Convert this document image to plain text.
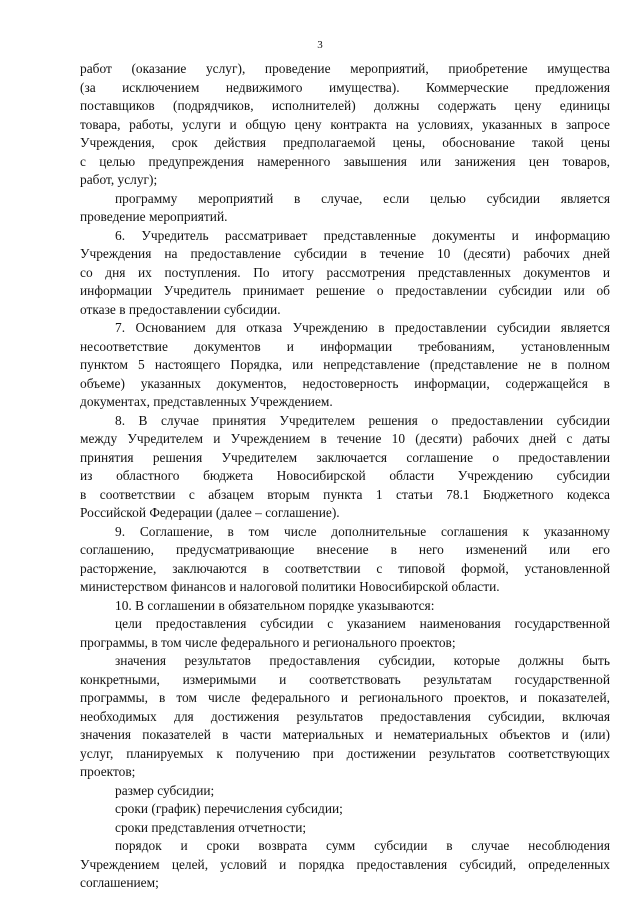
3

работ (оказание услуг), проведение мероприятий, приобретение имущества

(за исключением недвижимого имущества). Коммерческие предложения

поставщиков (подрядчиков, исполнителей) должны содержать цену единицы

товара, работы, услуги и общую цену контракта на условиях, указанных в запросе

Учреждения, срок действия предполагаемой цены, обоснование такой цены

с целью предупреждения намеренного завышения или занижения цен товаров,

работ, услуг);

программу мероприятий в случае, если целью субсидии является

проведение мероприятий.

6. Учредитель рассматривает представленные документы и информацию

Учреждения на предоставление субсидии в течение 10 (десяти) рабочих дней

со дня их поступления. По итогу рассмотрения представленных документов и

информации Учредитель принимает решение о предоставлении субсидии или об

отказе в предоставлении субсидии.

7. Основанием для отказа Учреждению в предоставлении субсидии является

несоответствие документов и информации требованиям, установленным

пунктом 5 настоящего Порядка, или непредставление (представление не в полном

объеме) указанных документов, недостоверность информации, содержащейся в

документах, представленных Учреждением.

8. В случае принятия Учредителем решения о предоставлении субсидии

между Учредителем и Учреждением в течение 10 (десяти) рабочих дней с даты

принятия решения Учредителем заключается соглашение о предоставлении

из областного бюджета Новосибирской области Учреждению субсидии

в соответствии с абзацем вторым пункта 1 статьи 78.1 Бюджетного кодекса

Российской Федерации (далее – соглашение).

9. Соглашение, в том числе дополнительные соглашения к указанному

соглашению, предусматривающие внесение в него изменений или его

расторжение, заключаются в соответствии с типовой формой, установленной

министерством финансов и налоговой политики Новосибирской области.

10. В соглашении в обязательном порядке указываются:

цели предоставления субсидии с указанием наименования государственной

программы, в том числе федерального и регионального проектов;

значения результатов предоставления субсидии, которые должны быть

конкретными, измеримыми и соответствовать результатам государственной

программы, в том числе федерального и регионального проектов, и показателей,

необходимых для достижения результатов предоставления субсидии, включая

значения показателей в части материальных и нематериальных объектов и (или)

услуг, планируемых к получению при достижении результатов соответствующих

проектов;

размер субсидии;

сроки (график) перечисления субсидии;

сроки представления отчетности;

порядок и сроки возврата сумм субсидии в случае несоблюдения

Учреждением целей, условий и порядка предоставления субсидий, определенных

соглашением;
